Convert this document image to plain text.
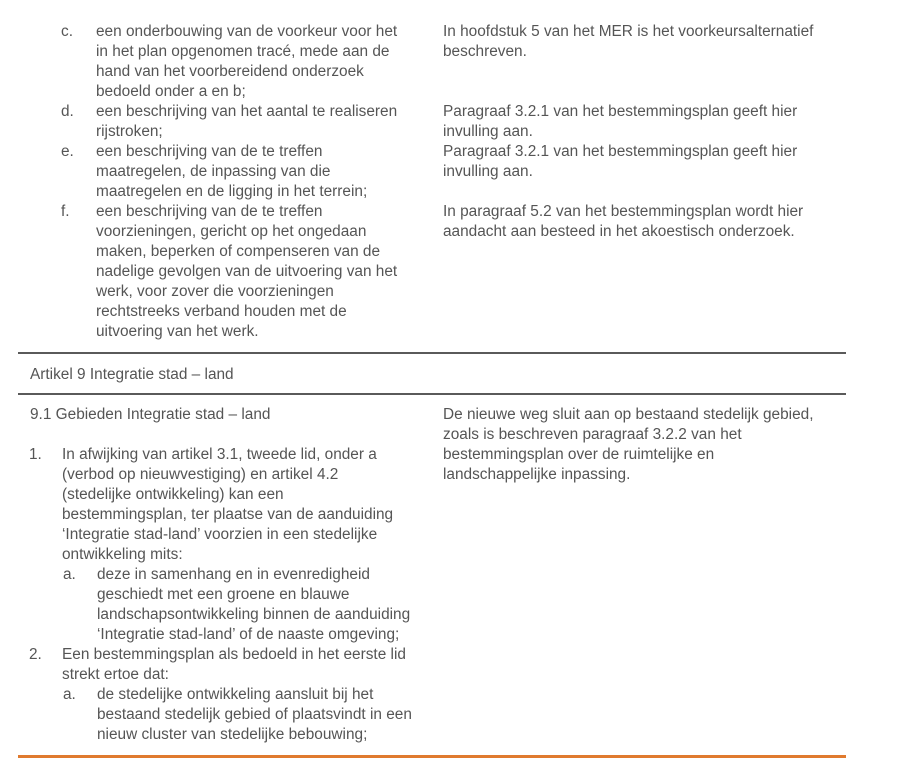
c. een onderbouwing van de voorkeur voor het
in het plan opgenomen tracé, mede aan de
hand van het voorbereidend onderzoek
bedoeld onder a en b;
In hoofdstuk 5 van het MER is het voorkeursalternatief
beschreven.
d. een beschrijving van het aantal te realiseren
rijstroken;
Paragraaf 3.2.1 van het bestemmingsplan geeft hier
invulling aan.
e. een beschrijving van de te treffen
maatregelen, de inpassing van die
maatregelen en de ligging in het terrein;
Paragraaf 3.2.1 van het bestemmingsplan geeft hier
invulling aan.
f. een beschrijving van de te treffen
voorzieningen, gericht op het ongedaan
maken, beperken of compenseren van de
nadelige gevolgen van de uitvoering van het
werk, voor zover die voorzieningen
rechtstreeks verband houden met de
uitvoering van het werk.
In paragraaf 5.2 van het bestemmingsplan wordt hier
aandacht aan besteed in het akoestisch onderzoek.
Artikel 9 Integratie stad – land
9.1 Gebieden Integratie stad – land	De nieuwe weg sluit aan op bestaand stedelijk gebied,
zoals is beschreven paragraaf 3.2.2 van het
bestemmingsplan over de ruimtelijke en
landschappelijke inpassing.
1. In afwijking van artikel 3.1, tweede lid, onder a
(verbod op nieuwvestiging) en artikel 4.2
(stedelijke ontwikkeling) kan een
bestemmingsplan, ter plaatse van de aanduiding
‘Integratie stad-land’ voorzien in een stedelijke
ontwikkeling mits:
a. deze in samenhang en in evenredigheid
geschiedt met een groene en blauwe
landschapsontwikkeling binnen de aanduiding
‘Integratie stad-land’ of de naaste omgeving;
2. Een bestemmingsplan als bedoeld in het eerste lid
strekt ertoe dat:
a. de stedelijke ontwikkeling aansluit bij het
bestaand stedelijk gebied of plaatsvindt in een
nieuw cluster van stedelijke bebouwing;
